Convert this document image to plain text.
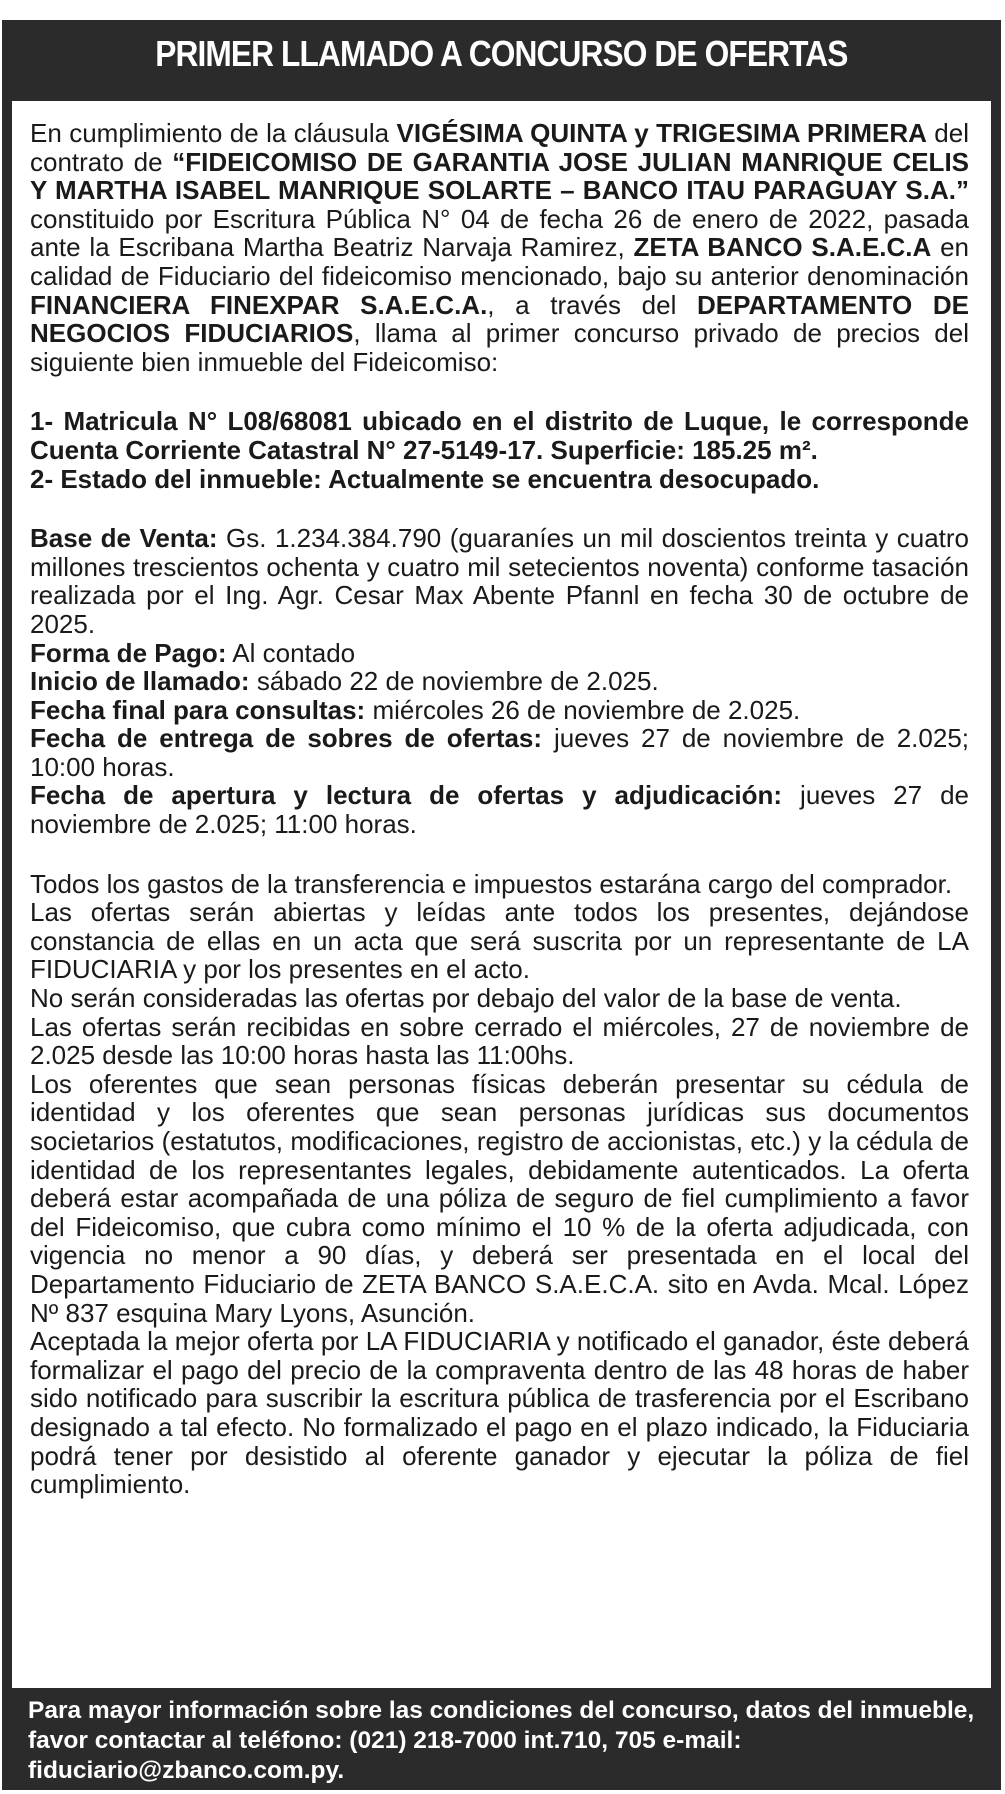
PRIMER LLAMADO A CONCURSO DE OFERTAS

En cumplimiento de la cláusula VIGÉSIMA QUINTA y TRIGESIMA PRIMERA del contrato de “FIDEICOMISO DE GARANTIA JOSE JULIAN MANRIQUE CELIS Y MARTHA ISABEL MANRIQUE SOLARTE – BANCO ITAU PARAGUAY S.A.” constituido por Escritura Pública N° 04 de fecha 26 de enero de 2022, pasada ante la Escribana Martha Beatriz Narvaja Ramirez, ZETA BANCO S.A.E.C.A en calidad de Fiduciario del fideicomiso mencionado, bajo su anterior denominación FINANCIERA FINEXPAR S.A.E.C.A., a través del DEPARTAMENTO DE NEGOCIOS FIDUCIARIOS, llama al primer concurso privado de precios del siguiente bien inmueble del Fideicomiso:

1- Matricula N° L08/68081 ubicado en el distrito de Luque, le corresponde Cuenta Corriente Catastral N° 27-5149-17. Superficie: 185.25 m².

2- Estado del inmueble: Actualmente se encuentra desocupado.

Base de Venta: Gs. 1.234.384.790 (guaraníes un mil doscientos treinta y cuatro millones trescientos ochenta y cuatro mil setecientos noventa) conforme tasación realizada por el Ing. Agr. Cesar Max Abente Pfannl en fecha 30 de octubre de 2025.

Forma de Pago: Al contado

Inicio de llamado: sábado 22 de noviembre de 2.025.

Fecha final para consultas: miércoles 26 de noviembre de 2.025.

Fecha de entrega de sobres de ofertas: jueves 27 de noviembre de 2.025; 10:00 horas.

Fecha de apertura y lectura de ofertas y adjudicación: jueves 27 de noviembre de 2.025; 11:00 horas.

Todos los gastos de la transferencia e impuestos estarána cargo del comprador.

Las ofertas serán abiertas y leídas ante todos los presentes, dejándose constancia de ellas en un acta que será suscrita por un representante de LA FIDUCIARIA y por los presentes en el acto.

No serán consideradas las ofertas por debajo del valor de la base de venta.

Las ofertas serán recibidas en sobre cerrado el miércoles, 27 de noviembre de 2.025 desde las 10:00 horas hasta las 11:00hs.

Los oferentes que sean personas físicas deberán presentar su cédula de identidad y los oferentes que sean personas jurídicas sus documentos societarios (estatutos, modificaciones, registro de accionistas, etc.) y la cédula de identidad de los representantes legales, debidamente autenticados. La oferta deberá estar acompañada de una póliza de seguro de fiel cumplimiento a favor del Fideicomiso, que cubra como mínimo el 10 % de la oferta adjudicada, con vigencia no menor a 90 días, y deberá ser presentada en el local del Departamento Fiduciario de ZETA BANCO S.A.E.C.A. sito en Avda. Mcal. López Nº 837 esquina Mary Lyons, Asunción.

Aceptada la mejor oferta por LA FIDUCIARIA y notificado el ganador, éste deberá formalizar el pago del precio de la compraventa dentro de las 48 horas de haber sido notificado para suscribir la escritura pública de trasferencia por el Escribano designado a tal efecto. No formalizado el pago en el plazo indicado, la Fiduciaria podrá tener por desistido al oferente ganador y ejecutar la póliza de fiel cumplimiento.

Para mayor información sobre las condiciones del concurso, datos del inmueble, favor contactar al teléfono: (021) 218-7000 int.710, 705 e-mail: fiduciario@zbanco.com.py.
